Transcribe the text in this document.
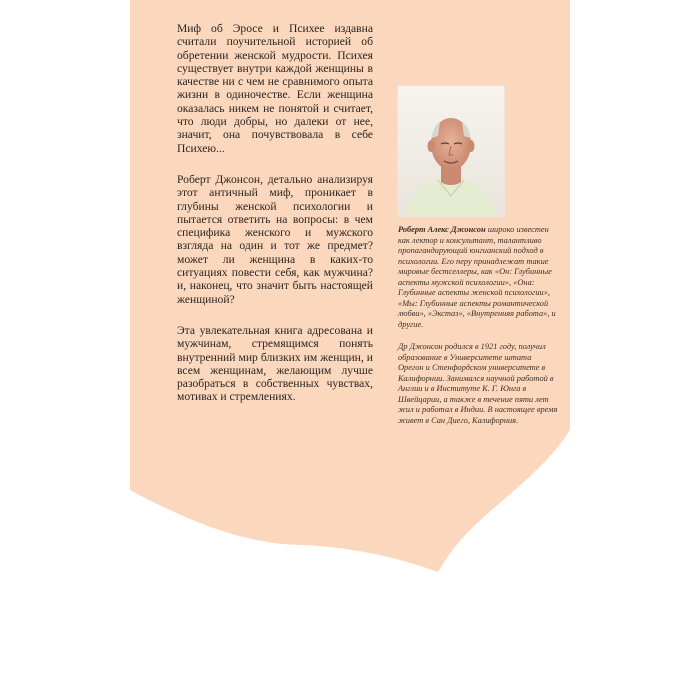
Миф об Эросе и Психее издавна считали поучительной историей об обретении женской мудрости. Психея существует внутри каждой женщины в качестве ни с чем не сравнимого опыта жизни в одиночестве. Если женщина оказалась никем не понятой и считает, что люди добры, но далеки от нее, значит, она почувствовала в себе Психею...

Роберт Джонсон, детально анализируя этот античный миф, проникает в глубины женской психологии и пытается ответить на вопросы: в чем специфика женского и мужского взгляда на один и тот же предмет? может ли женщина в каких-то ситуациях повести себя, как мужчина? и, наконец, что значит быть настоящей женщиной?

Эта увлекательная книга адресована и мужчинам, стремящимся понять внутренний мир близких им женщин, и всем женщинам, желающим лучше разобраться в собственных чувствах, мотивах и стремлениях.

Роберт Алекс Джонсон широко известен как лектор и консультант, талантливо пропагандирующий юнгианский подход в психологии. Его перу принадлежат такие мировые бестселлеры, как «Он: Глубинные аспекты мужской психологии», «Она: Глубинные аспекты женской психологии», «Мы: Глубинные аспекты романтической любви», «Экстаз», «Внутренняя работа», и другие.

Др Джонсон родился в 1921 году, получил образование в Университете штата Орегон и Стенфордском университете в Калифорнии. Занимался научной работой в Англии и в Институте К. Г. Юнга в Швейцарии, а также в течение пяти лет жил и работал в Индии. В настоящее время живет в Сан Диего, Калифорния.
